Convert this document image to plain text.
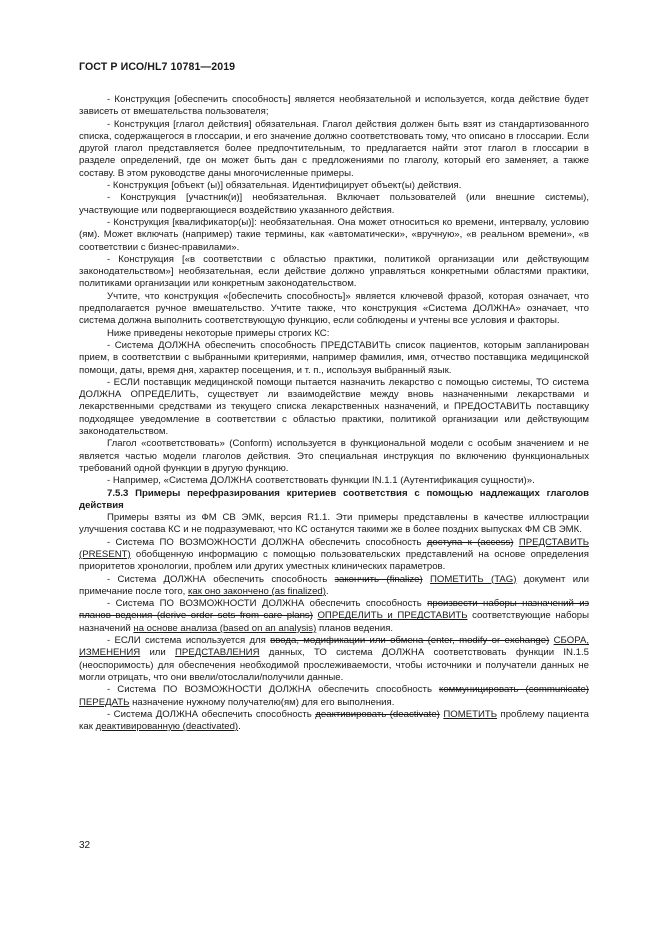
ГОСТ Р ИСО/HL7 10781—2019

- Конструкция [обеспечить способность] является необязательной и используется, когда действие будет зависеть от вмешательства пользователя;

- Конструкция [глагол действия] обязательная. Глагол действия должен быть взят из стандартизованного списка, содержащегося в глоссарии, и его значение должно соответствовать тому, что описано в глоссарии. Если другой глагол представляется более предпочтительным, то предлагается найти этот глагол в глоссарии в разделе определений, где он может быть дан с предложениями по глаголу, который его заменяет, а также составу. В этом руководстве даны многочисленные примеры.

- Конструкция [объект (ы)] обязательная. Идентифицирует объект(ы) действия.

- Конструкция [участник(и)] необязательная. Включает пользователей (или внешние системы), участвующие или подвергающиеся воздействию указанного действия.

- Конструкция [квалификатор(ы)]: необязательная. Она может относиться ко времени, интервалу, условию (ям). Может включать (например) такие термины, как «автоматически», «вручную», «в реальном времени», «в соответствии с бизнес-правилами».

- Конструкция [«в соответствии с областью практики, политикой организации или действующим законодательством»] необязательная, если действие должно управляться конкретными областями практики, политиками организации или конкретным законодательством.

Учтите, что конструкция «[обеспечить способность]» является ключевой фразой, которая означает, что предполагается ручное вмешательство. Учтите также, что конструкция «Система ДОЛЖНА» означает, что система должна выполнить соответствующую функцию, если соблюдены и учтены все условия и факторы.

Ниже приведены некоторые примеры строгих КС:

- Система ДОЛЖНА обеспечить способность ПРЕДСТАВИТЬ список пациентов, которым запланирован прием, в соответствии с выбранными критериями, например фамилия, имя, отчество поставщика медицинской помощи, даты, время дня, характер посещения, и т. п., используя выбранный язык.

- ЕСЛИ поставщик медицинской помощи пытается назначить лекарство с помощью системы, ТО система ДОЛЖНА ОПРЕДЕЛИТЬ, существует ли взаимодействие между вновь назначенными лекарствами и лекарственными средствами из текущего списка лекарственных назначений, и ПРЕДОСТАВИТЬ поставщику подходящее уведомление в соответствии с областью практики, политикой организации или действующим законодательством.

Глагол «соответствовать» (Conform) используется в функциональной модели с особым значением и не является частью модели глаголов действия. Это специальная инструкция по включению функциональных требований одной функции в другую функцию.

- Например, «Система ДОЛЖНА соответствовать функции IN.1.1 (Аутентификация сущности)».

7.5.3 Примеры перефразирования критериев соответствия с помощью надлежащих глаголов действия

Примеры взяты из ФМ СВ ЭМК, версия R1.1. Эти примеры представлены в качестве иллюстрации улучшения состава КС и не подразумевают, что КС останутся такими же в более поздних выпусках ФМ СВ ЭМК.

- Система ПО ВОЗМОЖНОСТИ ДОЛЖНА обеспечить способность доступа к (access) ПРЕДСТАВИТЬ (PRESENT) обобщенную информацию с помощью пользовательских представлений на основе определения приоритетов хронологии, проблем или других уместных клинических параметров.

- Система ДОЛЖНА обеспечить способность закончить (finalize) ПОМЕТИТЬ (TAG) документ или примечание после того, как оно закончено (as finalized).

- Система ПО ВОЗМОЖНОСТИ ДОЛЖНА обеспечить способность произвести наборы назначений из планов ведения (derive order sets from care plans) ОПРЕДЕЛИТЬ и ПРЕДСТАВИТЬ соответствующие наборы назначений на основе анализа (based on an analysis) планов ведения.

- ЕСЛИ система используется для ввода, модификации или обмена (enter, modify or exchange) СБОРА, ИЗМЕНЕНИЯ или ПРЕДСТАВЛЕНИЯ данных, ТО система ДОЛЖНА соответствовать функции IN.1.5 (неоспоримость) для обеспечения необходимой прослеживаемости, чтобы источники и получатели данных не могли отрицать, что они ввели/отослали/получили данные.

- Система ПО ВОЗМОЖНОСТИ ДОЛЖНА обеспечить способность коммуницировать (communicate) ПЕРЕДАТЬ назначение нужному получателю(ям) для его выполнения.

- Система ДОЛЖНА обеспечить способность деактивировать (deactivate) ПОМЕТИТЬ проблему пациента как деактивированную (deactivated).

32
